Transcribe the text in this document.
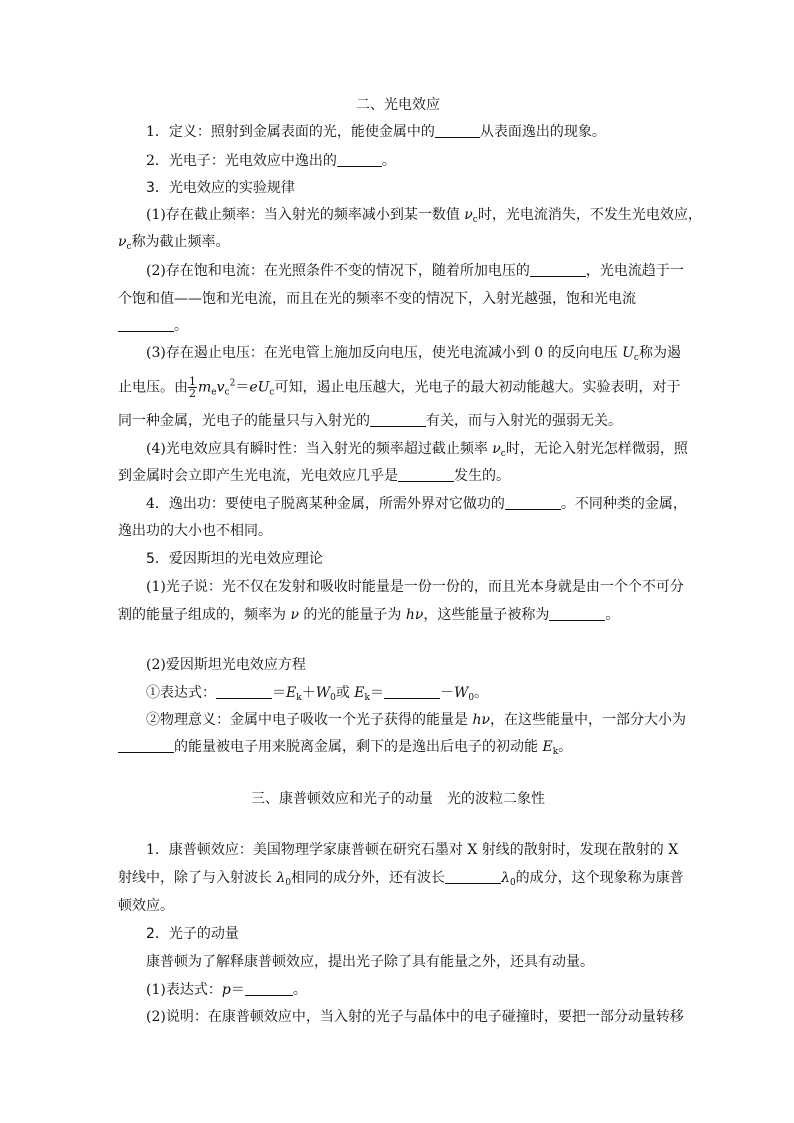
二、光电效应
1．定义：照射到金属表面的光，能使金属中的	从表面逸出的现象。
2．光电子：光电效应中逸出的	。
3．光电效应的实验规律
(1)存在截止频率：当入射光的频率减小到某一数值 $\nu_c$时，光电流消失，不发生光电效应，
$\nu_c$称为截止频率。
(2)存在饱和电流：在光照条件不变的情况下，随着所加电压的	，光电流趋于一
个饱和值——饱和光电流，而且在光的频率不变的情况下，入射光越强，饱和光电流
。
(3)存在遏止电压：在光电管上施加反向电压，使光电流减小到 0 的反向电压 $U_c$称为遏
止电压。由 $\frac{1}{2} m_ev_c^2=eU_c$可知，遏止电压越大，光电子的最大初动能越大。实验表明，对于
同一种金属，光电子的能量只与入射光的	有关，而与入射光的强弱无关。
(4)光电效应具有瞬时性：当入射光的频率超过截止频率 $\nu_c$时，无论入射光怎样微弱，照
到金属时会立即产生光电流，光电效应几乎是	发生的。
4．逸出功：要使电子脱离某种金属，所需外界对它做功的	。不同种类的金属，
逸出功的大小也不相同。
5．爱因斯坦的光电效应理论
(1)光子说：光不仅在发射和吸收时能量是一份一份的，而且光本身就是由一个个不可分
割的能量子组成的，频率为 ν 的光的能量子为 hν，这些能量子被称为	。
(2)爱因斯坦光电效应方程
①表达式：	$=E_k+W_0$或 $E_k=$	$-W_0$。
②物理意义：金属中电子吸收一个光子获得的能量是 hν，在这些能量中，一部分大小为
的能量被电子用来脱离金属，剩下的是逸出后电子的初动能 $E_k$。
三、康普顿效应和光子的动量　光的波粒二象性
1．康普顿效应：美国物理学家康普顿在研究石墨对 X 射线的散射时，发现在散射的 X
射线中，除了与入射波长 $\lambda_0$相同的成分外，还有波长	$\lambda_0$的成分，这个现象称为康普
顿效应。
2．光子的动量
康普顿为了解释康普顿效应，提出光子除了具有能量之外，还具有动量。
(1)表达式：p＝	。
(2)说明：在康普顿效应中，当入射的光子与晶体中的电子碰撞时，要把一部分动量转移
